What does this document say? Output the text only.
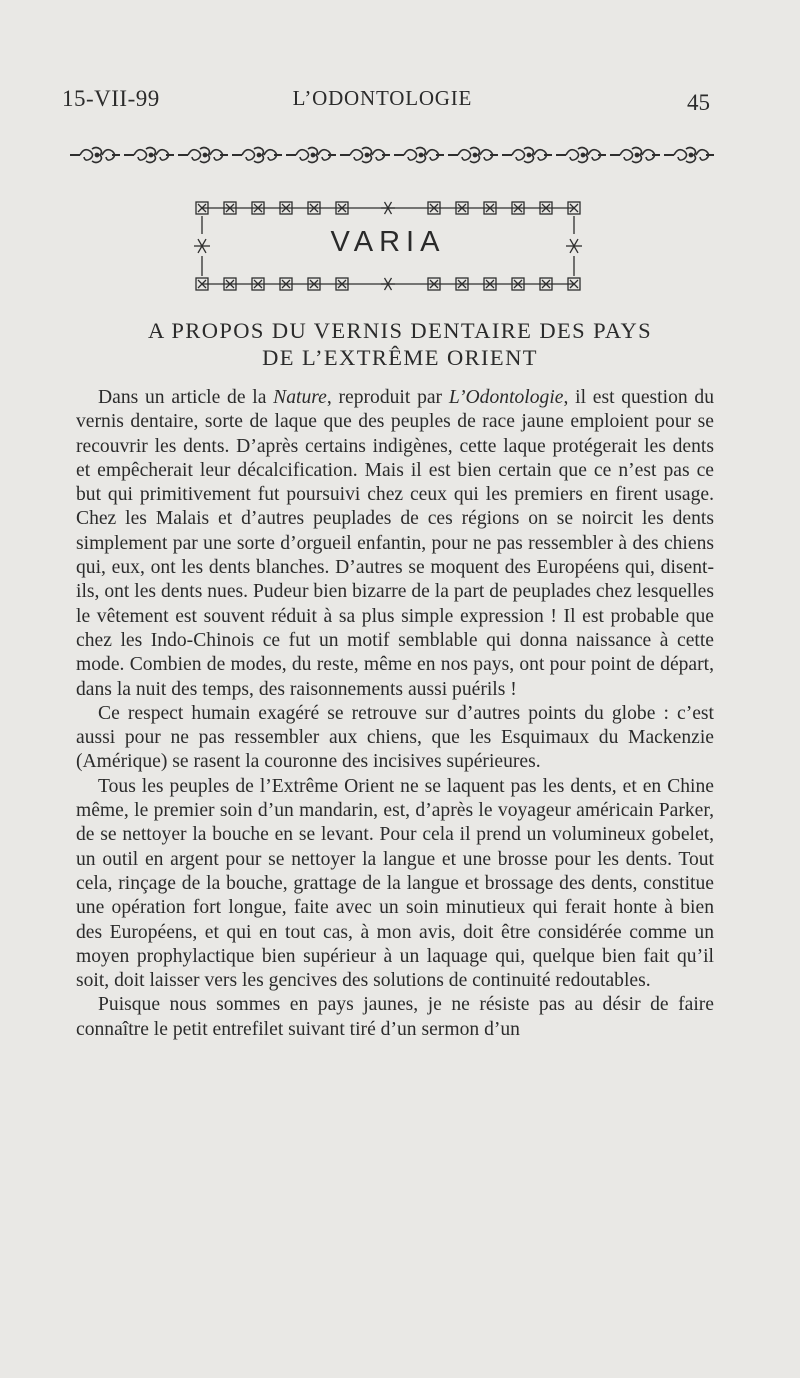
15-VII-99	L’ODONTOLOGIE	45
VARIA
A PROPOS DU VERNIS DENTAIRE DES PAYS
DE L’EXTRÊME ORIENT

Dans un article de la Nature, reproduit par L’Odontologie, il est question du vernis dentaire, sorte de laque que des peuples de race jaune emploient pour se recouvrir les dents. D’après certains indigènes, cette laque protégerait les dents et empêcherait leur décalcification. Mais il est bien certain que ce n’est pas ce but qui primitivement fut poursuivi chez ceux qui les premiers en firent usage. Chez les Malais et d’autres peuplades de ces régions on se noircit les dents simplement par une sorte d’orgueil enfantin, pour ne pas ressembler à des chiens qui, eux, ont les dents blanches. D’autres se moquent des Européens qui, disent-ils, ont les dents nues. Pudeur bien bizarre de la part de peuplades chez lesquelles le vêtement est souvent réduit à sa plus simple expression ! Il est probable que chez les Indo-Chinois ce fut un motif semblable qui donna naissance à cette mode. Combien de modes, du reste, même en nos pays, ont pour point de départ, dans la nuit des temps, des raisonnements aussi puérils !

Ce respect humain exagéré se retrouve sur d’autres points du globe : c’est aussi pour ne pas ressembler aux chiens, que les Esquimaux du Mackenzie (Amérique) se rasent la couronne des incisives supérieures.

Tous les peuples de l’Extrême Orient ne se laquent pas les dents, et en Chine même, le premier soin d’un mandarin, est, d’après le voyageur américain Parker, de se nettoyer la bouche en se levant. Pour cela il prend un volumineux gobelet, un outil en argent pour se nettoyer la langue et une brosse pour les dents. Tout cela, rinçage de la bouche, grattage de la langue et brossage des dents, constitue une opération fort longue, faite avec un soin minutieux qui ferait honte à bien des Européens, et qui en tout cas, à mon avis, doit être considérée comme un moyen prophylactique bien supérieur à un laquage qui, quelque bien fait qu’il soit, doit laisser vers les gencives des solutions de continuité redoutables.

Puisque nous sommes en pays jaunes, je ne résiste pas au désir de faire connaître le petit entrefilet suivant tiré d’un sermon d’un
